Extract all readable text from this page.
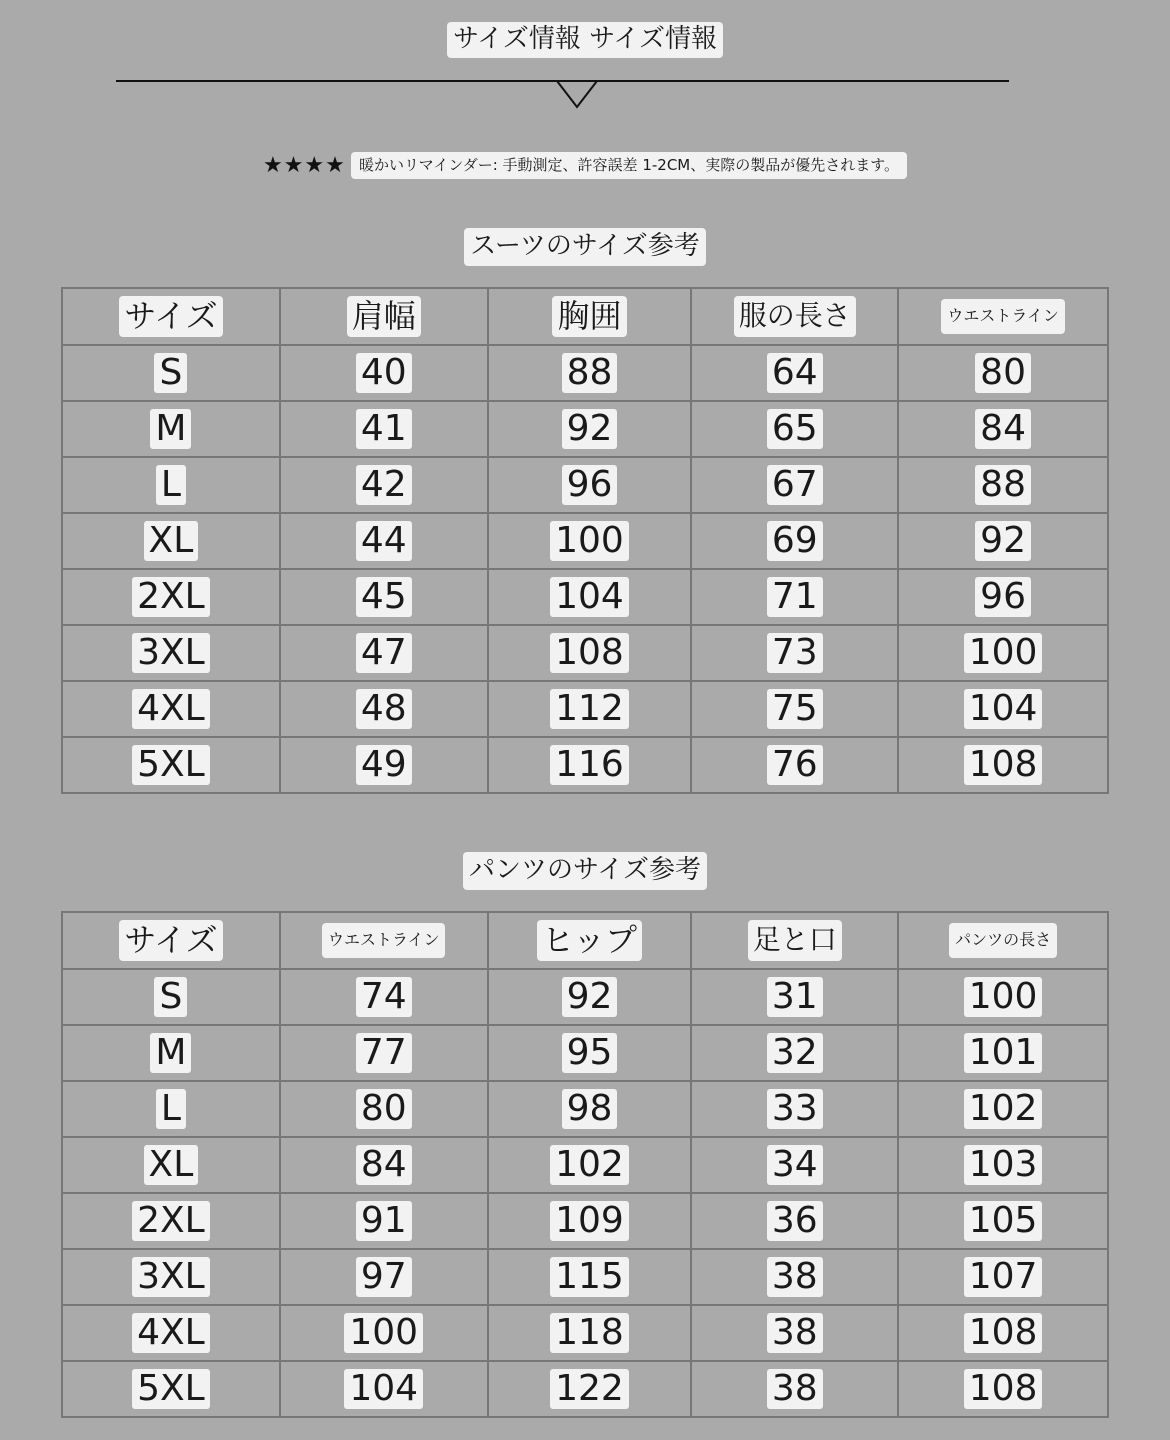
サイズ情報 サイズ情報
★★★★ 暖かいリマインダー: 手動測定、許容誤差 1-2CM、実際の製品が優先されます。
スーツのサイズ参考
サイズ	肩幅	胸囲	服の長さ	ウエストライン
S	40	88	64	80
M	41	92	65	84
L	42	96	67	88
XL	44	100	69	92
2XL	45	104	71	96
3XL	47	108	73	100
4XL	48	112	75	104
5XL	49	116	76	108
パンツのサイズ参考
サイズ	ウエストライン	ヒップ	足と口	パンツの長さ
S	74	92	31	100
M	77	95	32	101
L	80	98	33	102
XL	84	102	34	103
2XL	91	109	36	105
3XL	97	115	38	107
4XL	100	118	38	108
5XL	104	122	38	108
